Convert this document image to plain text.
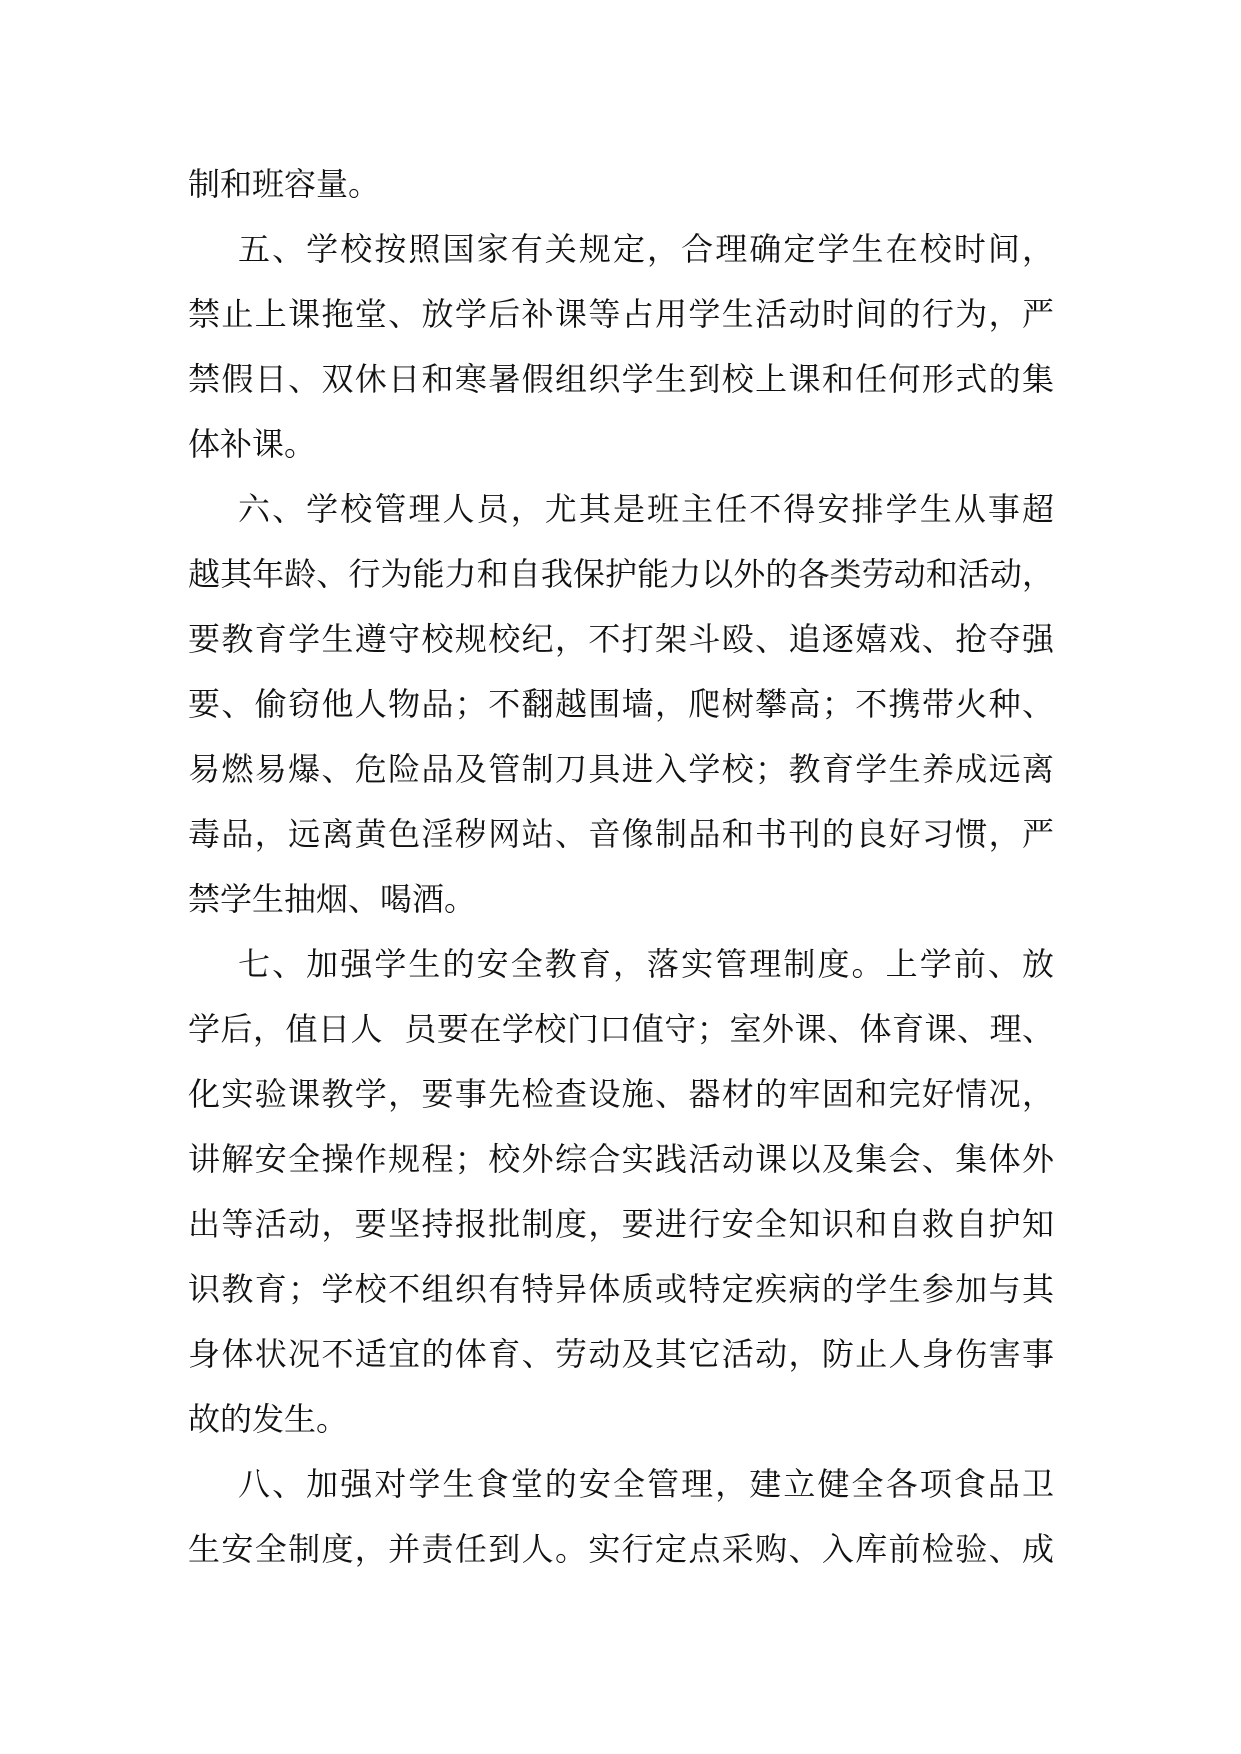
制和班容量。
五、学校按照国家有关规定，合理确定学生在校时间，
禁止上课拖堂、放学后补课等占用学生活动时间的行为，严
禁假日、双休日和寒暑假组织学生到校上课和任何形式的集
体补课。
六、学校管理人员，尤其是班主任不得安排学生从事超
越其年龄、行为能力和自我保护能力以外的各类劳动和活动，
要教育学生遵守校规校纪，不打架斗殴、追逐嬉戏、抢夺强
要、偷窃他人物品；不翻越围墙，爬树攀高；不携带火种、
易燃易爆、危险品及管制刀具进入学校；教育学生养成远离
毒品，远离黄色淫秽网站、音像制品和书刊的良好习惯，严
禁学生抽烟、喝酒。
七、加强学生的安全教育，落实管理制度。上学前、放
学后，值日人  员要在学校门口值守；室外课、体育课、理、
化实验课教学，要事先检查设施、器材的牢固和完好情况，
讲解安全操作规程；校外综合实践活动课以及集会、集体外
出等活动，要坚持报批制度，要进行安全知识和自救自护知
识教育；学校不组织有特异体质或特定疾病的学生参加与其
身体状况不适宜的体育、劳动及其它活动，防止人身伤害事
故的发生。
八、加强对学生食堂的安全管理，建立健全各项食品卫
生安全制度，并责任到人。实行定点采购、入库前检验、成
